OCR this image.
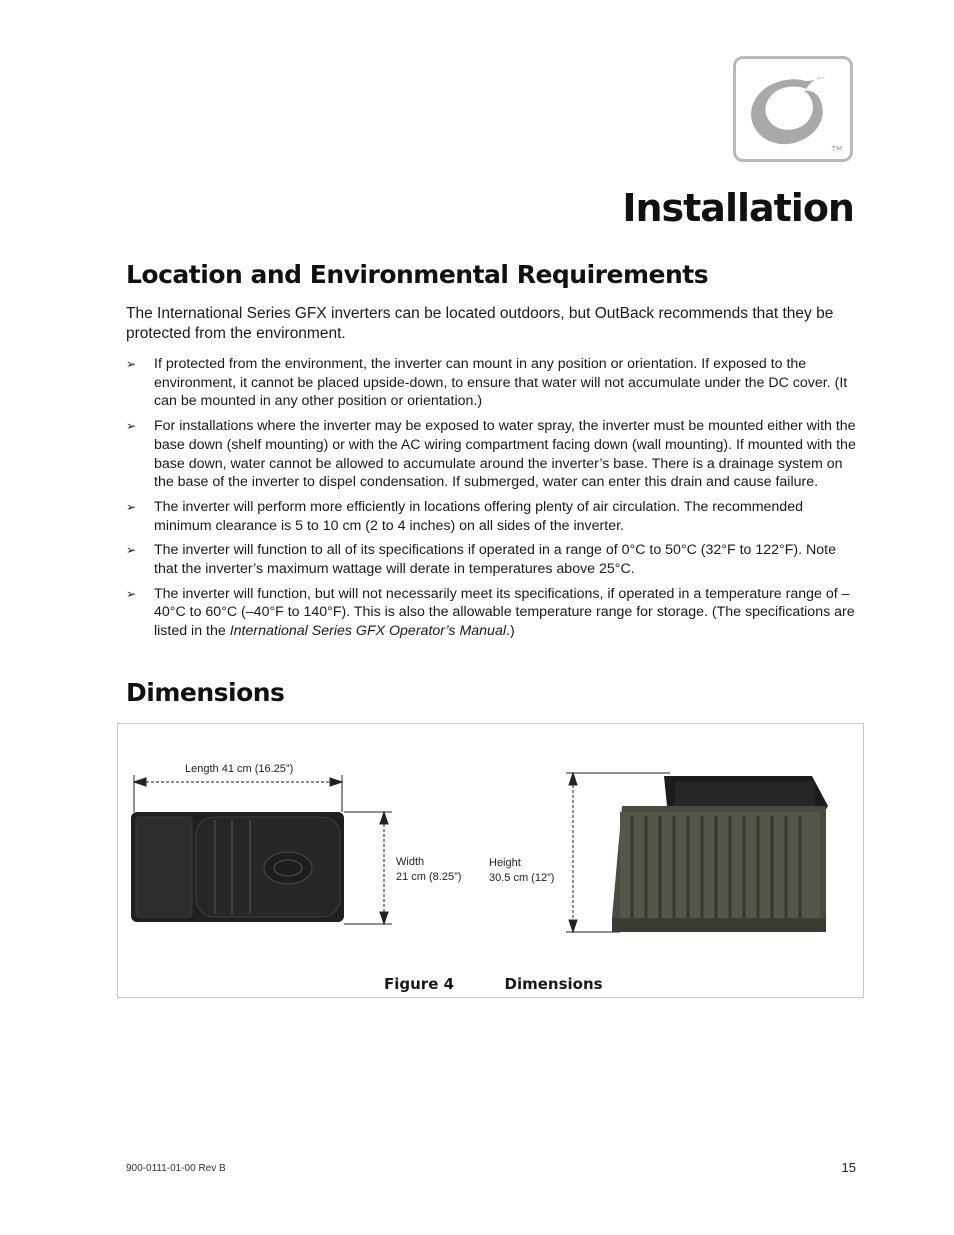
TM
Installation
Location and Environmental Requirements

The International Series GFX inverters can be located outdoors, but OutBack recommends that they be protected from the environment.

➢ If protected from the environment, the inverter can mount in any position or orientation. If exposed to the environment, it cannot be placed upside-down, to ensure that water will not accumulate under the DC cover. (It can be mounted in any other position or orientation.)
➢ For installations where the inverter may be exposed to water spray, the inverter must be mounted either with the base down (shelf mounting) or with the AC wiring compartment facing down (wall mounting). If mounted with the base down, water cannot be allowed to accumulate around the inverter’s base. There is a drainage system on the base of the inverter to dispel condensation. If submerged, water can enter this drain and cause failure.
➢ The inverter will perform more efficiently in locations offering plenty of air circulation. The recommended minimum clearance is 5 to 10 cm (2 to 4 inches) on all sides of the inverter.
➢ The inverter will function to all of its specifications if operated in a range of 0°C to 50°C (32°F to 122°F). Note that the inverter’s maximum wattage will derate in temperatures above 25°C.
➢ The inverter will function, but will not necessarily meet its specifications, if operated in a temperature range of –40°C to 60°C (–40°F to 140°F). This is also the allowable temperature range for storage. (The specifications are listed in the International Series GFX Operator’s Manual.)
Dimensions
Length 41 cm (16.25”)
Width
21 cm (8.25”)
Height
30.5 cm (12”)
Figure 4	Dimensions
900-0111-01-00 Rev B	15
